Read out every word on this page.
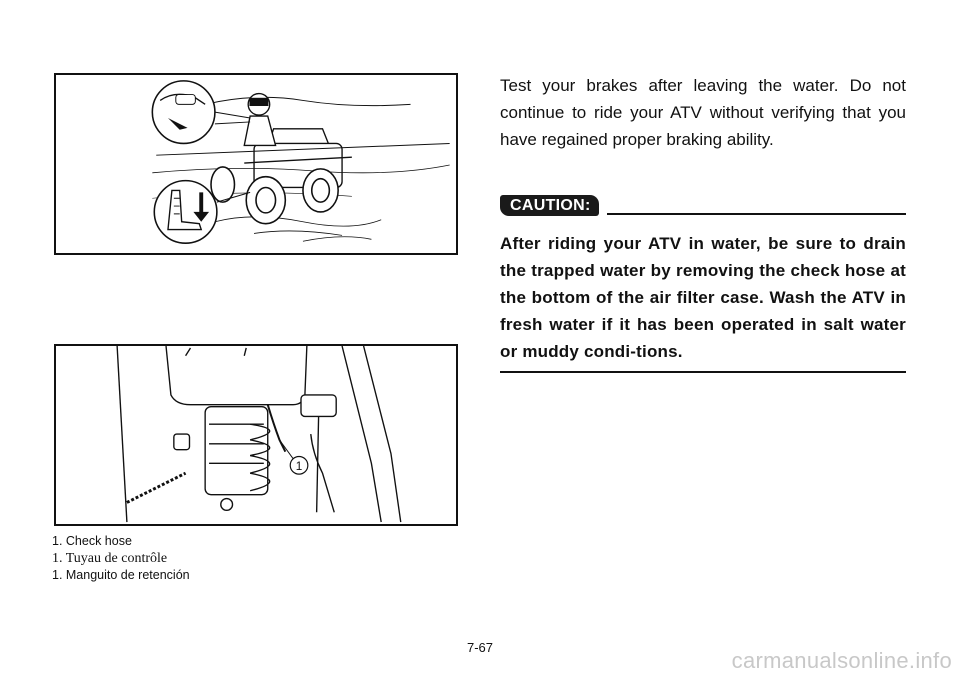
1
1. Check hose
1. Tuyau de contrôle
1. Manguito de retención

Test your brakes after leaving the water. Do not continue to ride your ATV without verifying that you have regained proper braking ability.

CAUTION:

After riding your ATV in water, be sure to drain the trapped water by removing the check hose at the bottom of the air filter case. Wash the ATV in fresh water if it has been operated in salt water or muddy condi-tions.

7-67
carmanualsonline.info
